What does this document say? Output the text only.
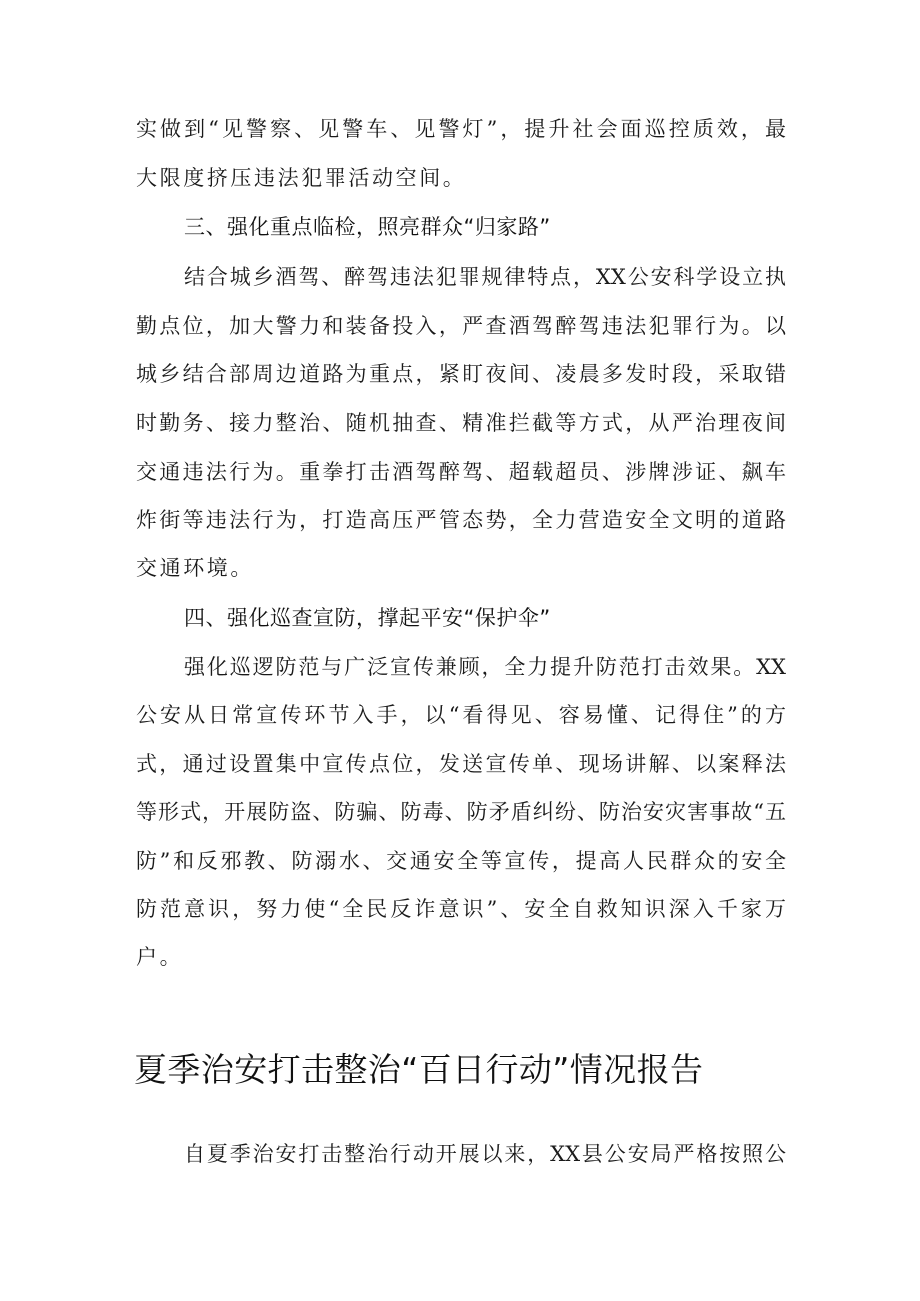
实做到“见警察、见警车、见警灯”，提升社会面巡控质效，最
大限度挤压违法犯罪活动空间。
三、强化重点临检，照亮群众“归家路”
结合城乡酒驾、醉驾违法犯罪规律特点，XX公安科学设立执
勤点位，加大警力和装备投入，严查酒驾醉驾违法犯罪行为。以
城乡结合部周边道路为重点，紧盯夜间、凌晨多发时段，采取错
时勤务、接力整治、随机抽查、精准拦截等方式，从严治理夜间
交通违法行为。重拳打击酒驾醉驾、超载超员、涉牌涉证、飙车
炸街等违法行为，打造高压严管态势，全力营造安全文明的道路
交通环境。
四、强化巡查宣防，撑起平安“保护伞”
强化巡逻防范与广泛宣传兼顾，全力提升防范打击效果。XX
公安从日常宣传环节入手，以“看得见、容易懂、记得住”的方
式，通过设置集中宣传点位，发送宣传单、现场讲解、以案释法
等形式，开展防盗、防骗、防毒、防矛盾纠纷、防治安灾害事故“五
防”和反邪教、防溺水、交通安全等宣传，提高人民群众的安全
防范意识，努力使“全民反诈意识”、安全自救知识深入千家万
户。
夏季治安打击整治“百日行动”情况报告
自夏季治安打击整治行动开展以来，XX县公安局严格按照公
